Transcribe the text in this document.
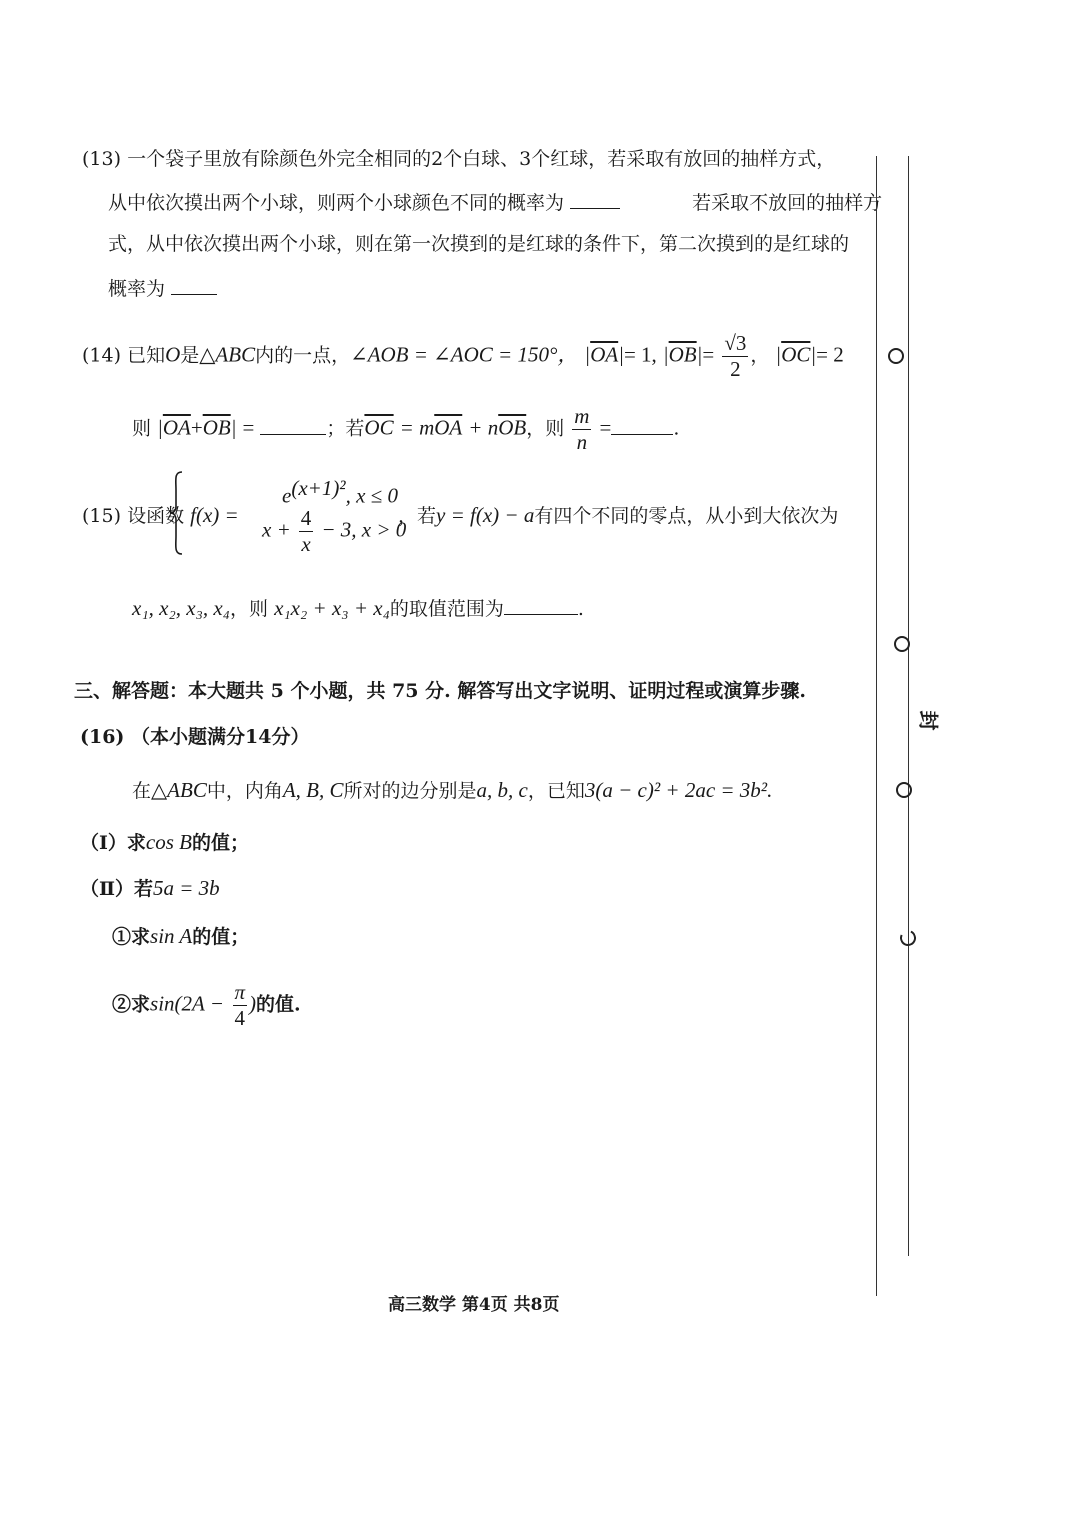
(13) 一个袋子里放有除颜色外完全相同的2个白球、3个红球，若采取有放回的抽样方式，
从中依次摸出两个小球，则两个小球颜色不同的概率为	若采取不放回的抽样方
式，从中依次摸出两个小球，则在第一次摸到的是红球的条件下，第二次摸到的是红球的
概率为
(14) 已知O是△ABC内的一点，∠AOB = ∠AOC = 150°， $|\overline{OA}|= 1$, $|\overline{OB}|= \frac{√3}{2}$ ， $|\overline{OC}|= 2$
则 $|\overline{OA}+\overline{OB}|$ =	；若$\overline{OC} = m\overline{OA} + n\overline{OB}$，则 $\frac{m}{n}$ =	.
(15) 设函数 f(x) =
$e^{(x+1)^2}$, x ≤ 0
$x + \frac{4}{x} - 3$, x > 0
，若y = f(x) − a有四个不同的零点，从小到大依次为
x₁, x₂, x₃, x₄，则 x₁x₂ + x₃ + x₄的取值范围为	.
三、解答题：本大题共 5 个小题，共 75 分. 解答写出文字说明、证明过程或演算步骤.
(16) （本小题满分14分）
在△ABC中，内角A, B, C所对的边分别是a, b, c，已知3(a − c)² + 2ac = 3b².
（Ⅰ）求cos B的值；
（Ⅱ）若5a = 3b
①求sin A的值；
②求$\sin(2A - \frac{\pi}{4}$ )的值.
封
高三数学 第4页 共8页
